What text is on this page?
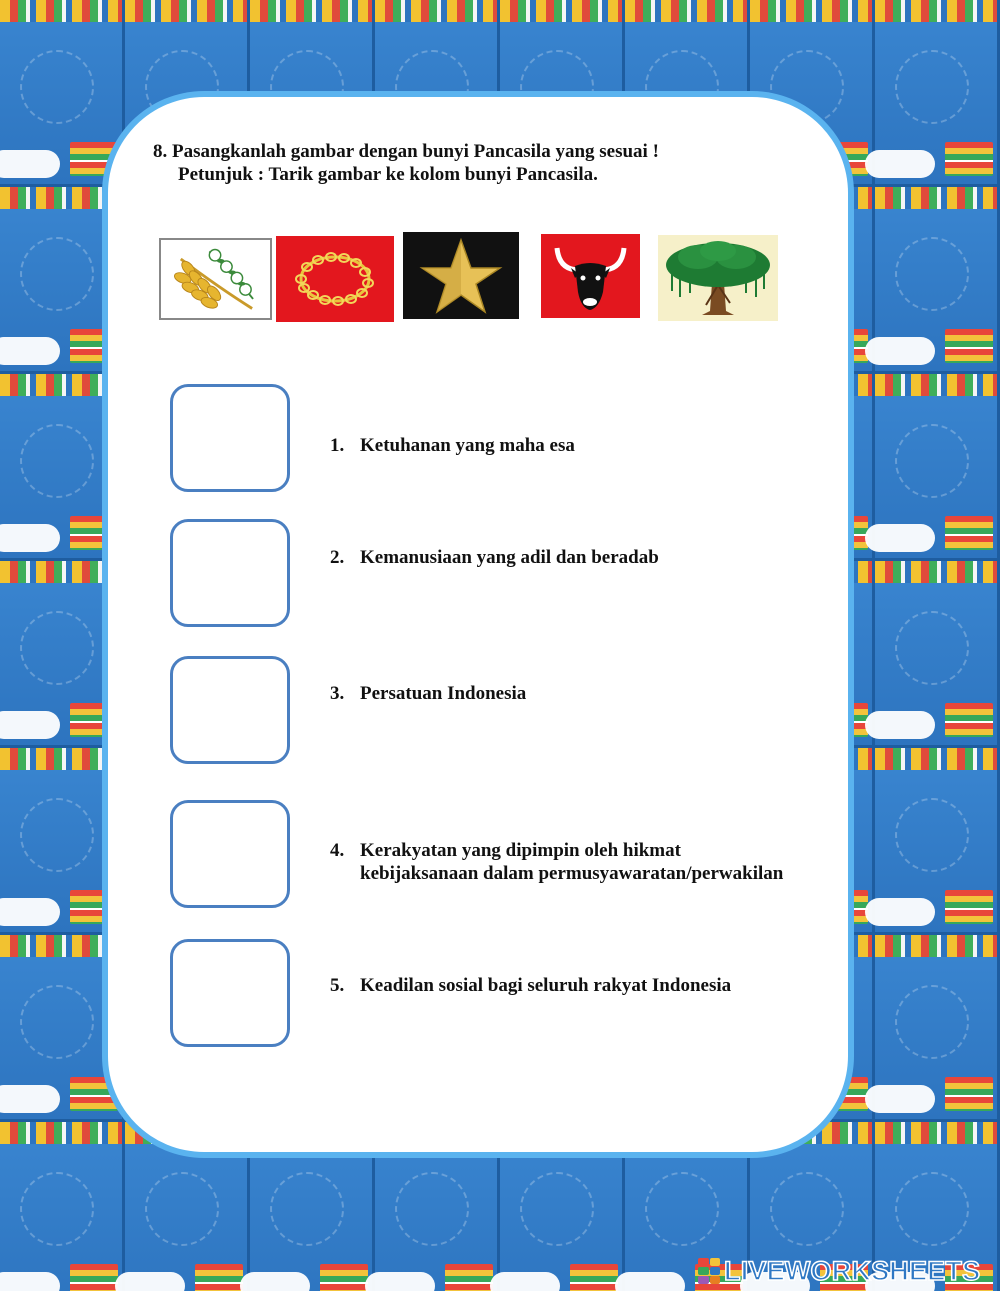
8. Pasangkanlah gambar dengan bunyi Pancasila yang sesuai !
Petunjuk : Tarik gambar ke kolom bunyi Pancasila.
1. Ketuhanan yang maha esa
2. Kemanusiaan yang adil dan beradab
3. Persatuan Indonesia
4. Kerakyatan yang dipimpin oleh hikmat
kebijaksanaan dalam permusyawaratan/perwakilan
5. Keadilan sosial bagi seluruh rakyat Indonesia
LIVEWORKSHEETS
